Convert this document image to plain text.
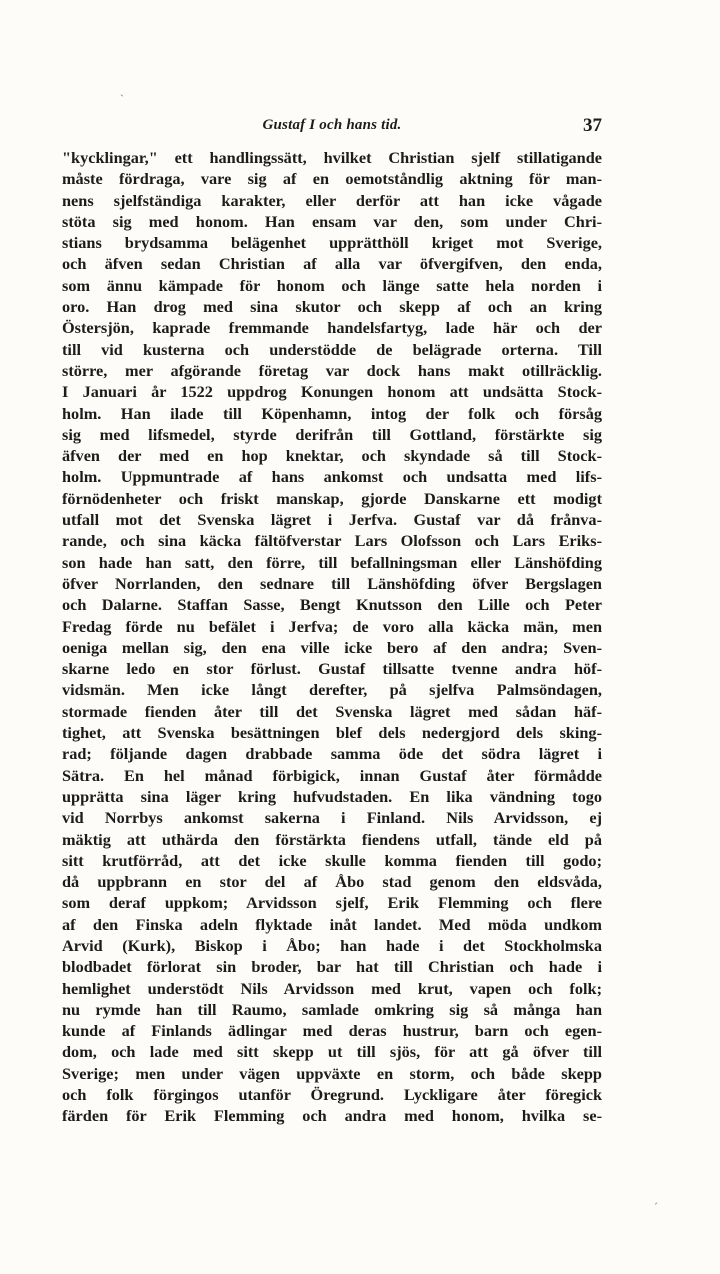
`
Gustaf I och hans tid.	37
"kycklingar," ett handlingssätt, hvilket Christian sjelf stillatigande
måste fördraga, vare sig af en oemotståndlig aktning för man-
nens sjelfständiga karakter, eller derför att han icke vågade
stöta sig med honom. Han ensam var den, som under Chri-
stians brydsamma belägenhet upprätthöll kriget mot Sverige,
och äfven sedan Christian af alla var öfvergifven, den enda,
som ännu kämpade för honom och länge satte hela norden i
oro. Han drog med sina skutor och skepp af och an kring
Östersjön, kaprade fremmande handelsfartyg, lade här och der
till vid kusterna och understödde de belägrade orterna. Till
större, mer afgörande företag var dock hans makt otillräcklig.
I Januari år 1522 uppdrog Konungen honom att undsätta Stock-
holm. Han ilade till Köpenhamn, intog der folk och försåg
sig med lifsmedel, styrde derifrån till Gottland, förstärkte sig
äfven der med en hop knektar, och skyndade så till Stock-
holm. Uppmuntrade af hans ankomst och undsatta med lifs-
förnödenheter och friskt manskap, gjorde Danskarne ett modigt
utfall mot det Svenska lägret i Jerfva. Gustaf var då frånva-
rande, och sina käcka fältöfverstar Lars Olofsson och Lars Eriks-
son hade han satt, den förre, till befallningsman eller Länshöfding
öfver Norrlanden, den sednare till Länshöfding öfver Bergslagen
och Dalarne. Staffan Sasse, Bengt Knutsson den Lille och Peter
Fredag förde nu befälet i Jerfva; de voro alla käcka män, men
oeniga mellan sig, den ena ville icke bero af den andra; Sven-
skarne ledo en stor förlust. Gustaf tillsatte tvenne andra höf-
vidsmän. Men icke långt derefter, på sjelfva Palmsöndagen,
stormade fienden åter till det Svenska lägret med sådan häf-
tighet, att Svenska besättningen blef dels nedergjord dels sking-
rad; följande dagen drabbade samma öde det södra lägret i
Sätra. En hel månad förbigick, innan Gustaf åter förmådde
upprätta sina läger kring hufvudstaden. En lika vändning togo
vid Norrbys ankomst sakerna i Finland. Nils Arvidsson, ej
mäktig att uthärda den förstärkta fiendens utfall, tände eld på
sitt krutförråd, att det icke skulle komma fienden till godo;
då uppbrann en stor del af Åbo stad genom den eldsvåda,
som deraf uppkom; Arvidsson sjelf, Erik Flemming och flere
af den Finska adeln flyktade inåt landet. Med möda undkom
Arvid (Kurk), Biskop i Åbo; han hade i det Stockholmska
blodbadet förlorat sin broder, bar hat till Christian och hade i
hemlighet understödt Nils Arvidsson med krut, vapen och folk;
nu rymde han till Raumo, samlade omkring sig så många han
kunde af Finlands ädlingar med deras hustrur, barn och egen-
dom, och lade med sitt skepp ut till sjös, för att gå öfver till
Sverige; men under vägen uppväxte en storm, och både skepp
och folk förgingos utanför Öregrund. Lyckligare åter föregick
färden för Erik Flemming och andra med honom, hvilka se-
ˊ
